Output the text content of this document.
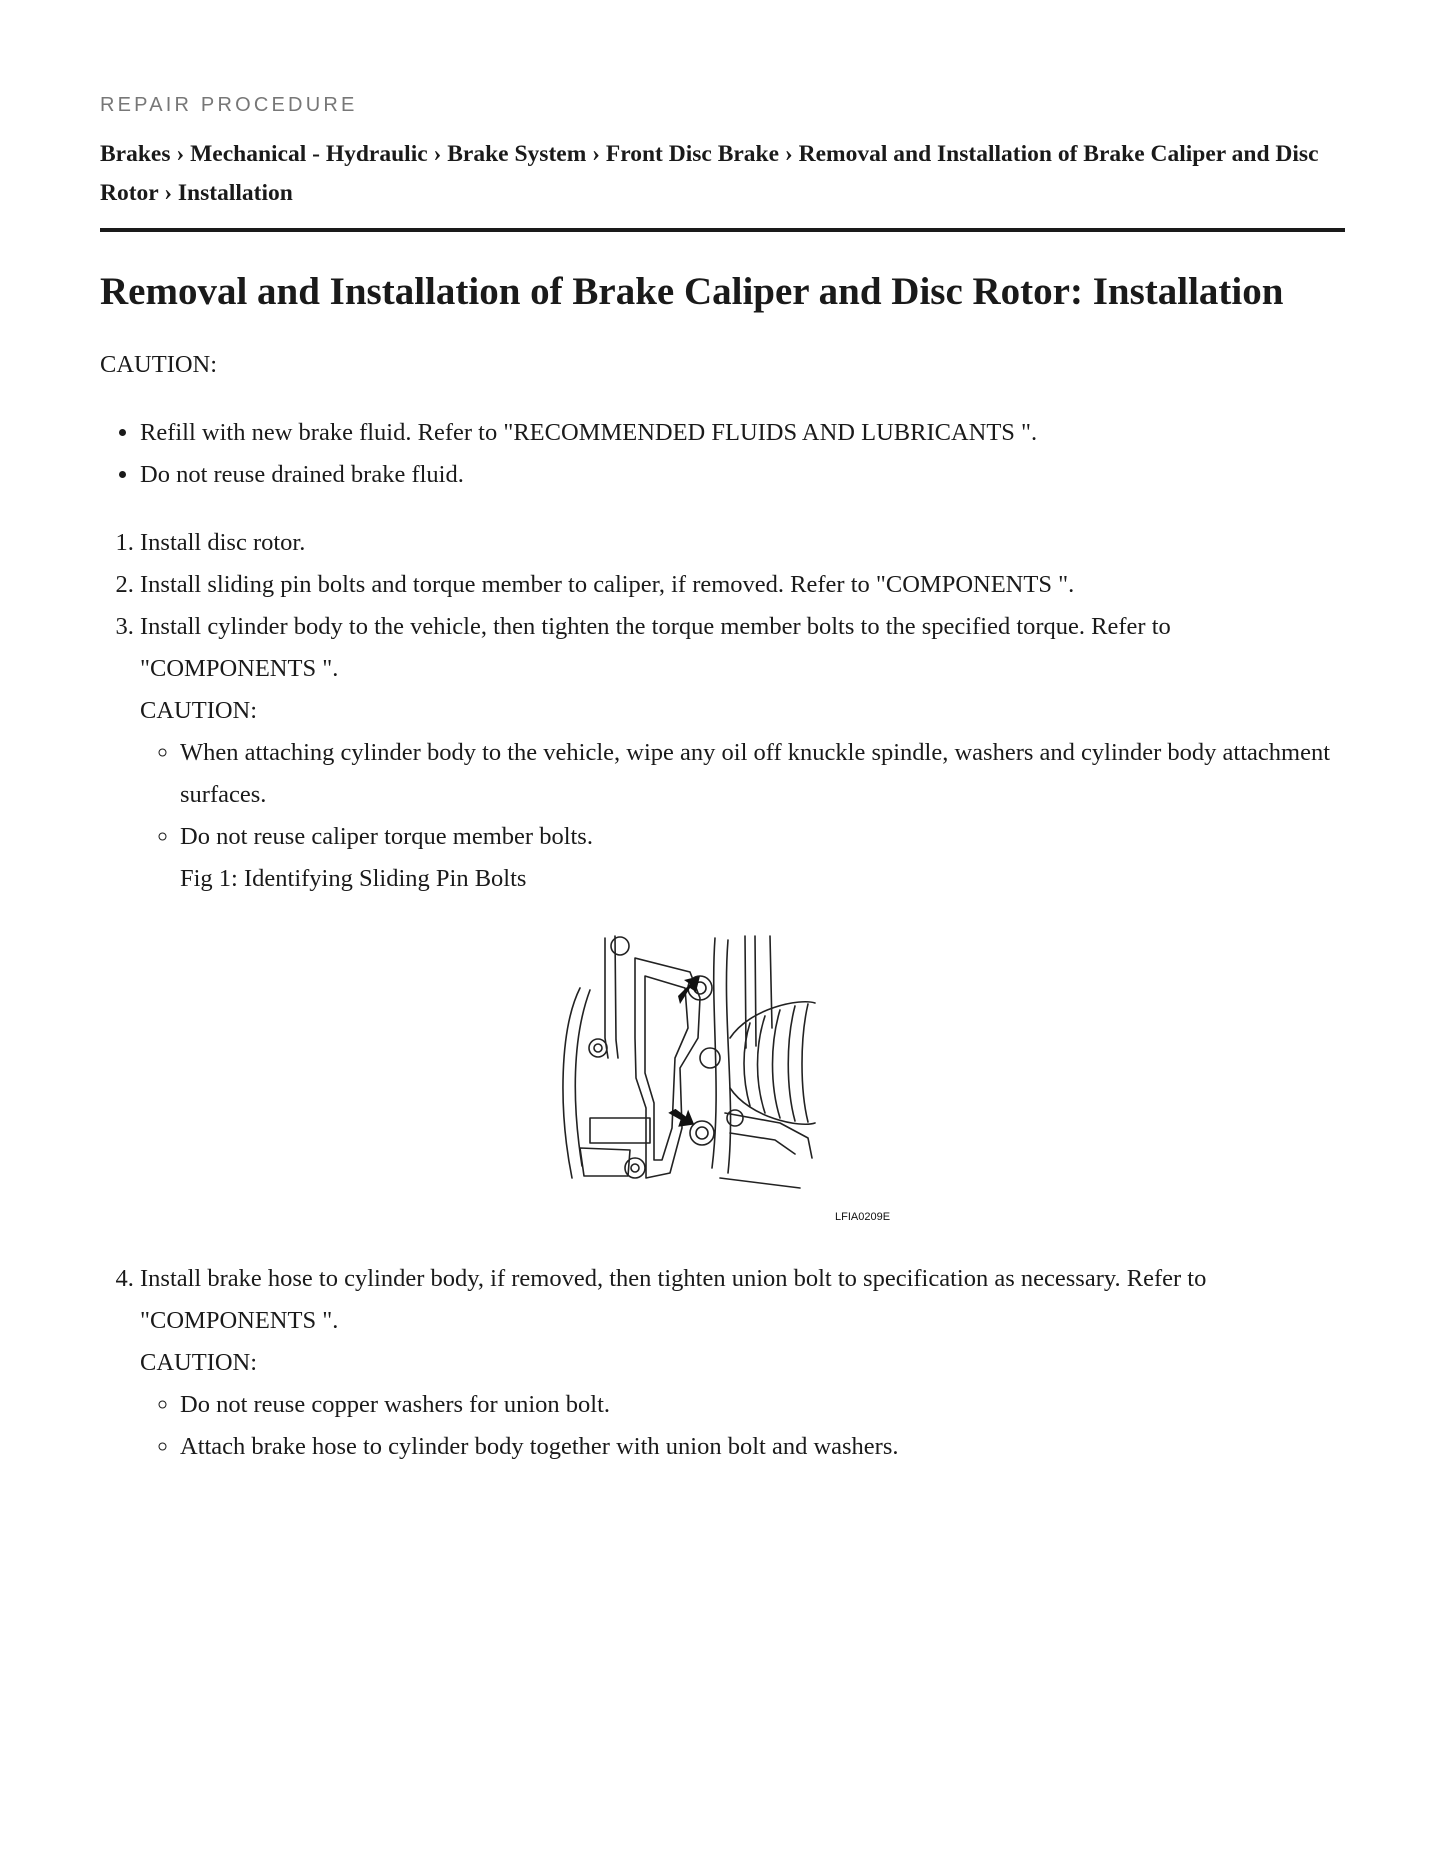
REPAIR PROCEDURE
Brakes › Mechanical - Hydraulic › Brake System › Front Disc Brake › Removal and Installation of Brake Caliper and Disc Rotor › Installation
Removal and Installation of Brake Caliper and Disc Rotor: Installation

CAUTION:

• Refill with new brake fluid. Refer to "RECOMMENDED FLUIDS AND LUBRICANTS ".
• Do not reuse drained brake fluid.
1. Install disc rotor.
2. Install sliding pin bolts and torque member to caliper, if removed. Refer to "COMPONENTS ".
3. Install cylinder body to the vehicle, then tighten the torque member bolts to the specified torque. Refer to "COMPONENTS ".
CAUTION:
◦ When attaching cylinder body to the vehicle, wipe any oil off knuckle spindle, washers and cylinder body attachment surfaces.
◦ Do not reuse caliper torque member bolts.
Fig 1: Identifying Sliding Pin Bolts
LFIA0209E
4. Install brake hose to cylinder body, if removed, then tighten union bolt to specification as necessary. Refer to "COMPONENTS ".
CAUTION:
◦ Do not reuse copper washers for union bolt.
◦ Attach brake hose to cylinder body together with union bolt and washers.
